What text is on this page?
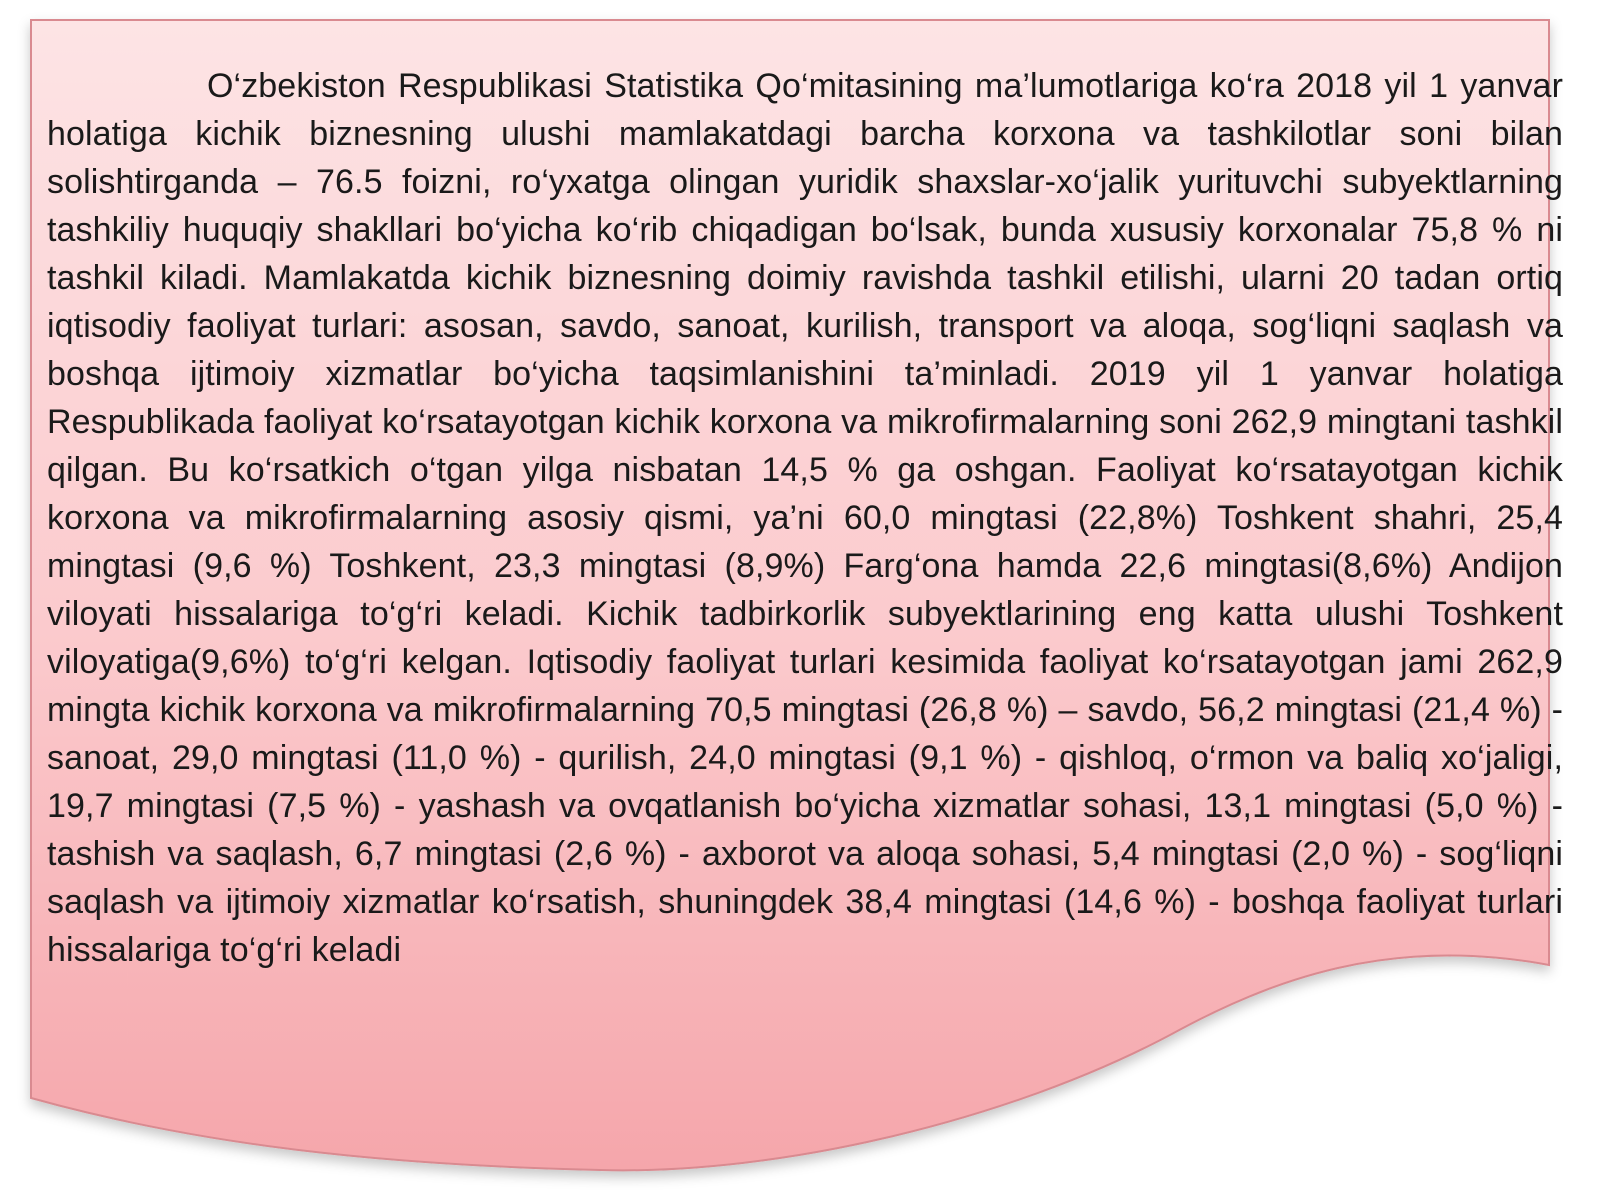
O‘zbekiston Respublikasi Statistika Qo‘mitasining ma’lumotlariga ko‘ra 2018 yil 1 yanvar holatiga kichik biznesning ulushi mamlakatdagi barcha korxona va tashkilotlar soni bilan solishtirganda – 76.5 foizni, ro‘yxatga olingan yuridik shaxslar-xo‘jalik yurituvchi subyektlarning tashkiliy huquqiy shakllari bo‘yicha ko‘rib chiqadigan bo‘lsak, bunda xususiy korxonalar 75,8 % ni tashkil kiladi. Mamlakatda kichik biznesning doimiy ravishda tashkil etilishi, ularni 20 tadan ortiq iqtisodiy faoliyat turlari: asosan, savdo, sanoat, kurilish, transport va aloqa, sog‘liqni saqlash va boshqa ijtimoiy xizmatlar bo‘yicha taqsimlanishini ta’minladi. 2019 yil 1 yanvar holatiga Respublikada faoliyat ko‘rsatayotgan kichik korxona va mikrofirmalarning soni 262,9 mingtani tashkil qilgan. Bu ko‘rsatkich o‘tgan yilga nisbatan 14,5 % ga oshgan. Faoliyat ko‘rsatayotgan kichik korxona va mikrofirmalarning asosiy qismi, ya’ni 60,0 mingtasi (22,8%) Toshkent shahri, 25,4 mingtasi (9,6 %) Toshkent, 23,3 mingtasi (8,9%) Farg‘ona hamda 22,6 mingtasi(8,6%) Andijon viloyati hissalariga to‘g‘ri keladi. Kichik tadbirkorlik subyektlarining eng katta ulushi Toshkent viloyatiga(9,6%) to‘g‘ri kelgan. Iqtisodiy faoliyat turlari kesimida faoliyat ko‘rsatayotgan jami 262,9 mingta kichik korxona va mikrofirmalarning 70,5 mingtasi (26,8 %) – savdo, 56,2 mingtasi (21,4 %) - sanoat, 29,0 mingtasi (11,0 %) - qurilish, 24,0 mingtasi (9,1 %) - qishloq, o‘rmon va baliq xo‘jaligi, 19,7 mingtasi (7,5 %) - yashash va ovqatlanish bo‘yicha xizmatlar sohasi, 13,1 mingtasi (5,0 %) - tashish va saqlash, 6,7 mingtasi (2,6 %) - axborot va aloqa sohasi, 5,4 mingtasi (2,0 %) - sog‘liqni saqlash va ijtimoiy xizmatlar ko‘rsatish, shuningdek 38,4 mingtasi (14,6 %) - boshqa faoliyat turlari hissalariga to‘g‘ri keladi
